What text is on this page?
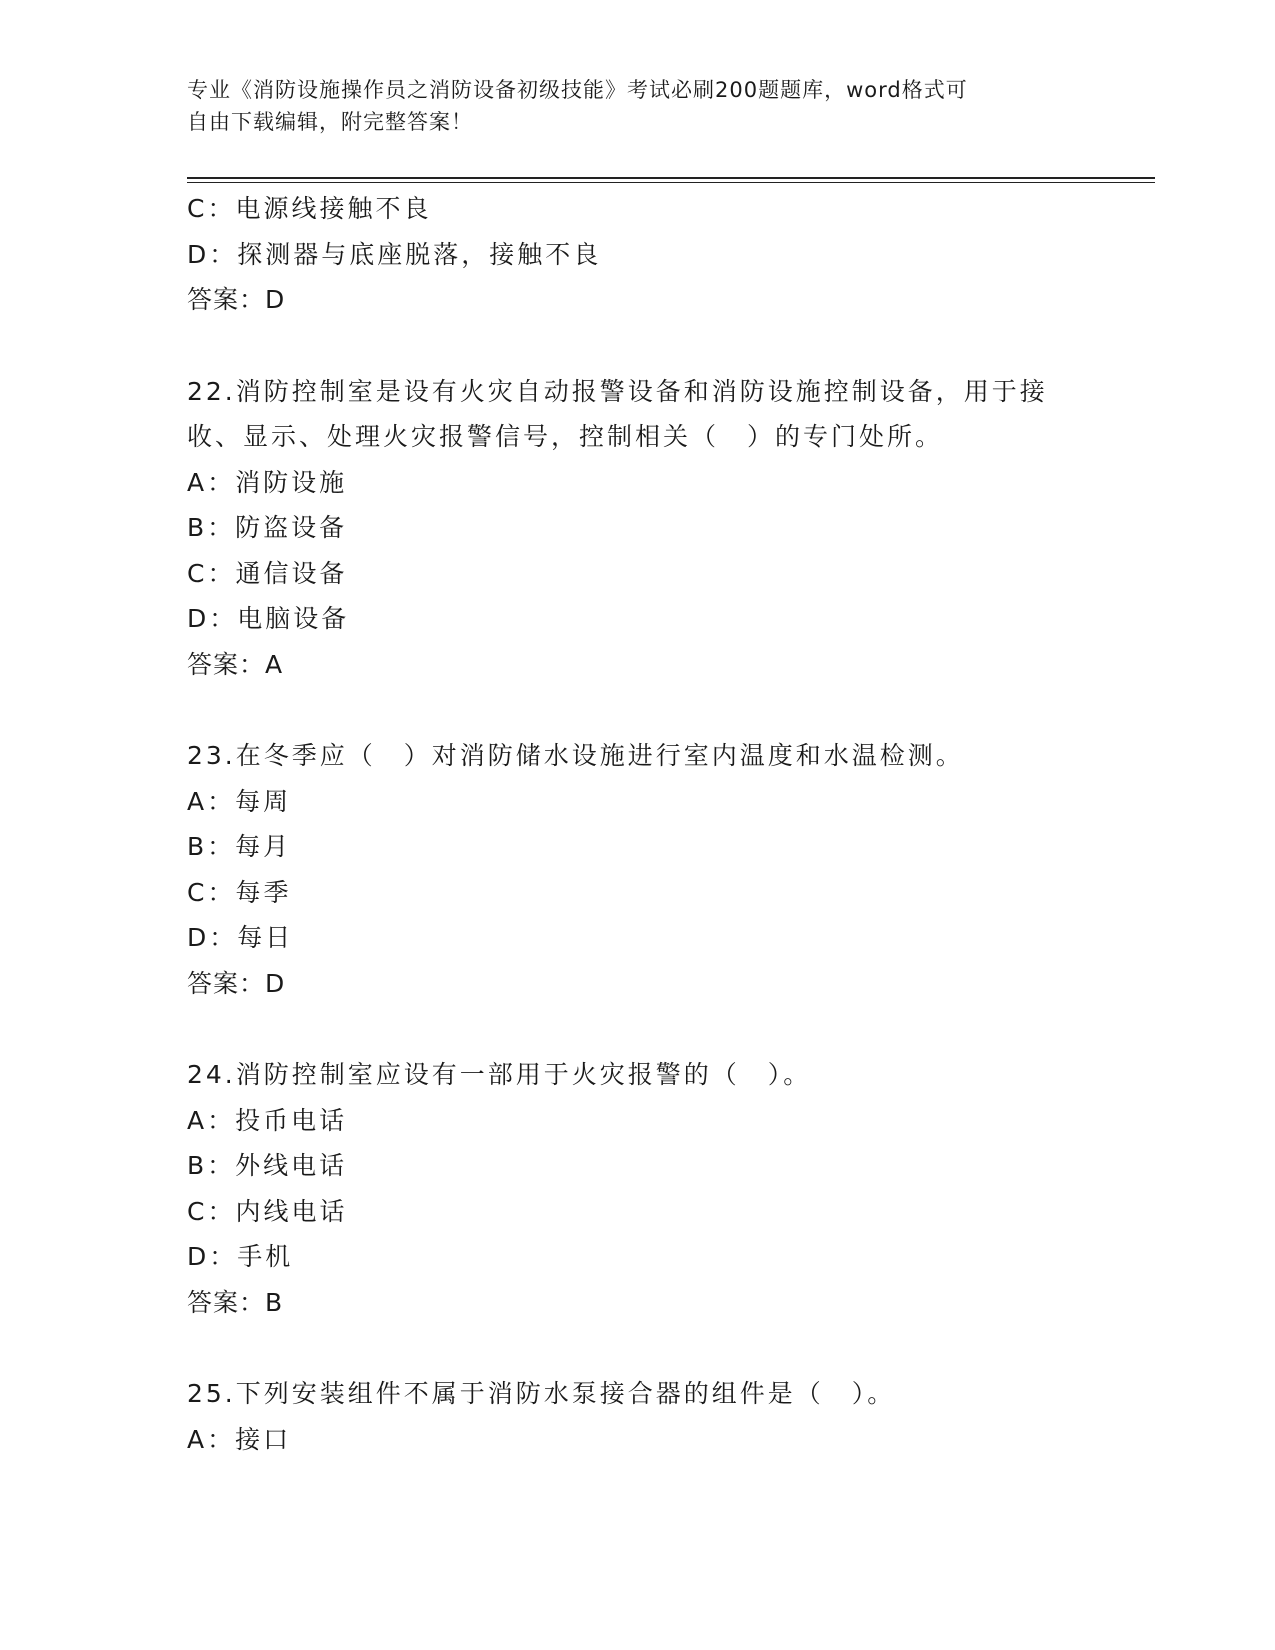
专业《消防设施操作员之消防设备初级技能》考试必刷200题题库，word格式可
自由下载编辑，附完整答案！
C：电源线接触不良
D：探测器与底座脱落，接触不良
答案：D
22.消防控制室是设有火灾自动报警设备和消防设施控制设备，用于接
收、显示、处理火灾报警信号，控制相关（　）的专门处所。
A：消防设施
B：防盗设备
C：通信设备
D：电脑设备
答案：A
23.在冬季应（　）对消防储水设施进行室内温度和水温检测。
A：每周
B：每月
C：每季
D：每日
答案：D
24.消防控制室应设有一部用于火灾报警的（　）。
A：投币电话
B：外线电话
C：内线电话
D：手机
答案：B
25.下列安装组件不属于消防水泵接合器的组件是（　）。
A：接口
